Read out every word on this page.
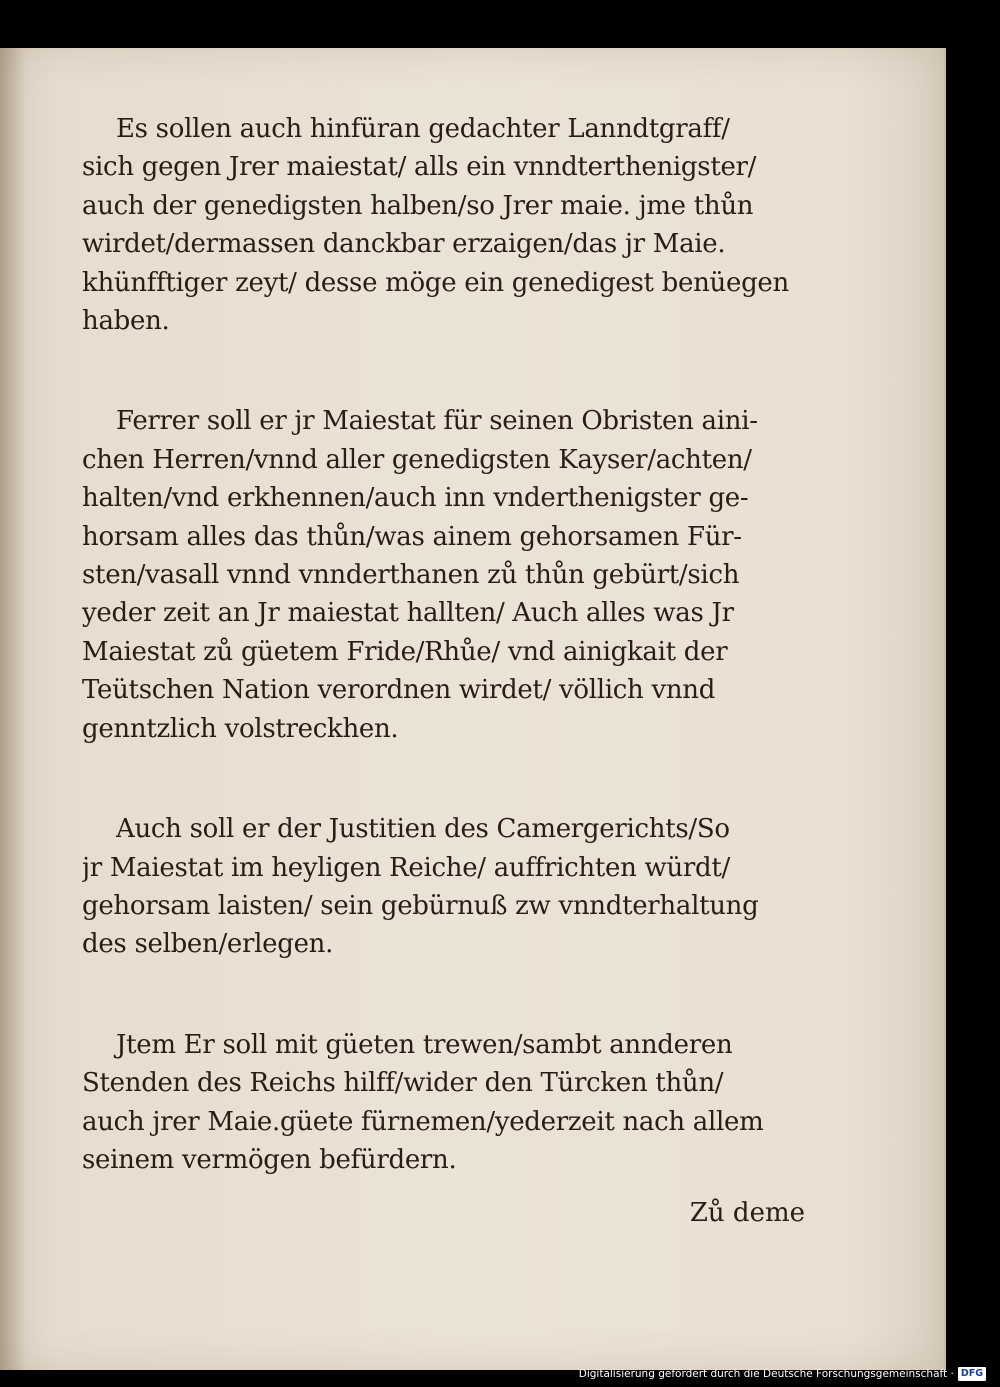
Es sollen auch hinfüran gedachter Lanndtgraff/
sich gegen Jrer maiestat/ alls ein vnndterthenigster/
auch der genedigsten halben/so Jrer maie. jme thůn
wirdet/dermassen danckbar erzaigen/das jr Maie.
khünfftiger zeyt/ desse möge ein genedigest benüegen
haben.

Ferrer soll er jr Maiestat für seinen Obristen aini-
chen Herren/vnnd aller genedigsten Kayser/achten/
halten/vnd erkhennen/auch inn vnderthenigster ge-
horsam alles das thůn/was ainem gehorsamen Für-
sten/vasall vnnd vnnderthanen zů thůn gebürt/sich
yeder zeit an Jr maiestat hallten/ Auch alles was Jr
Maiestat zů güetem Fride/Rhůe/ vnd ainigkait der
Teütschen Nation verordnen wirdet/ völlich vnnd
genntzlich volstreckhen.

Auch soll er der Justitien des Camergerichts/So
jr Maiestat im heyligen Reiche/ auffrichten würdt/
gehorsam laisten/ sein gebürnuß zw vnndterhaltung
des selben/erlegen.

Jtem Er soll mit güeten trewen/sambt annderen
Stenden des Reichs hilff/wider den Türcken thůn/
auch jrer Maie.güete fürnemen/yederzeit nach allem
seinem vermögen befürdern.

Zů deme
Digitalisierung gefördert durch die Deutsche Forschungsgemeinschaft · DFG
